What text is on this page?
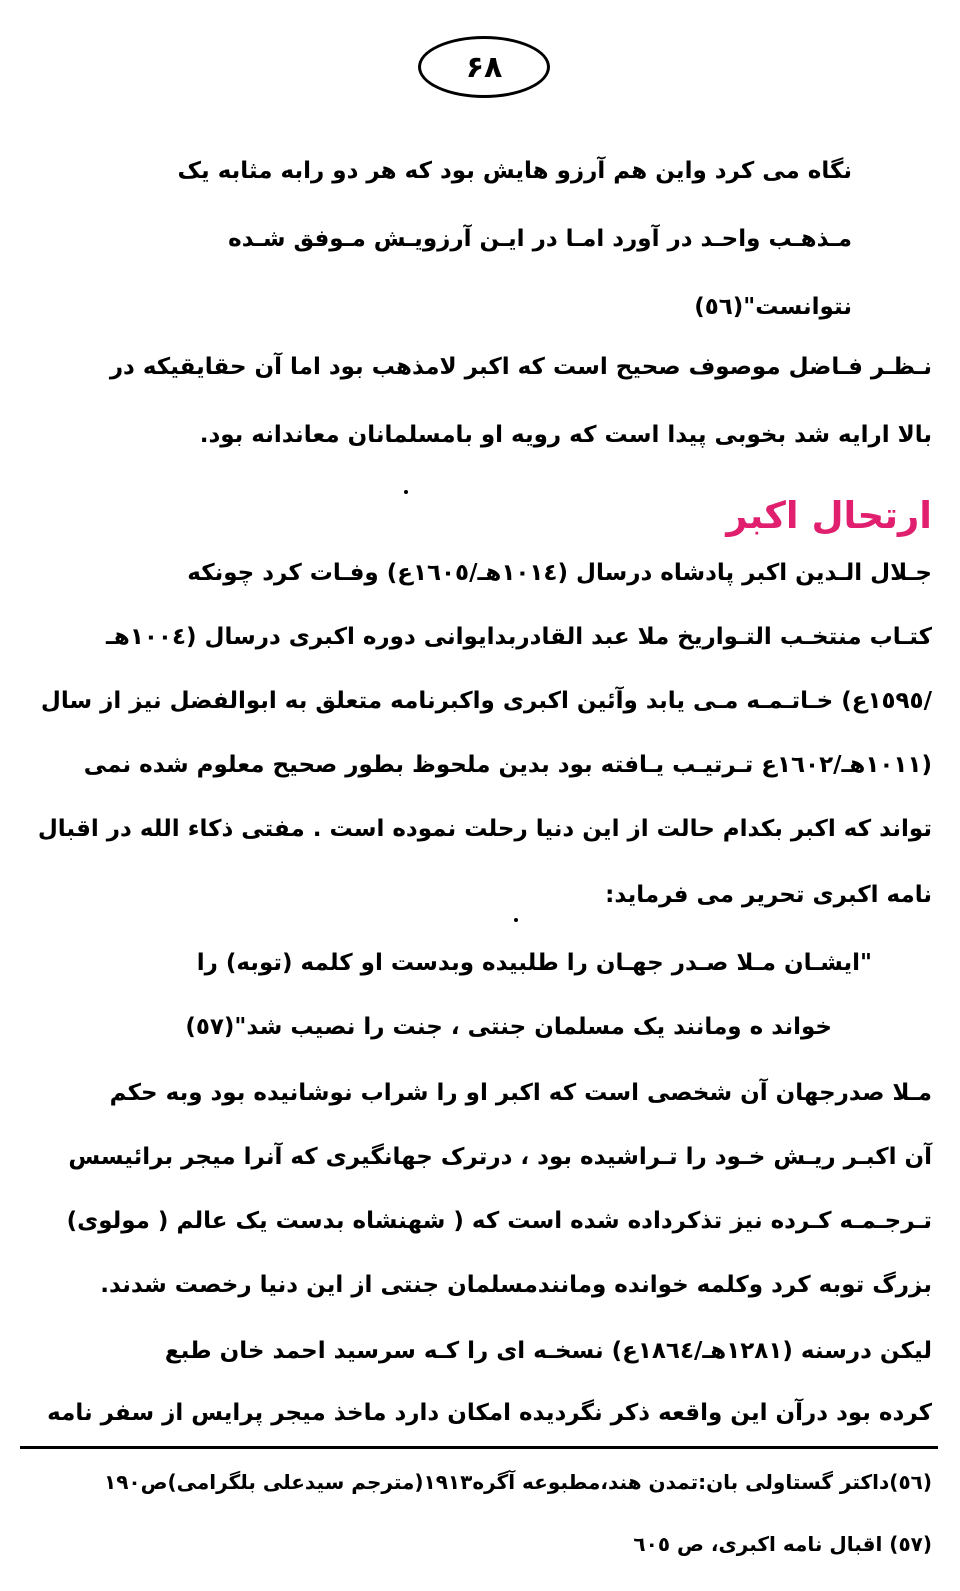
۶۸
نگاه می کرد واین هم آرزو هایش بود که هر دو رابه مثابه یک
مـذهـب واحـد در آورد امـا در ایـن آرزویـش مـوفق شـده
نتوانست"(٥٦)
نـظـر فـاضل موصوف صحیح است که اکبر لامذهب بود اما آن حقایقیکه در
بالا ارایه شد بخوبی پیدا است که رویه او بامسلمانان معاندانه بود.
ارتحال اکبر
جـلال الـدین اکبر پادشاه درسال (١٠١٤هـ/١٦٠٥ع) وفـات کرد چونکه
کتـاب منتخـب التـواریخ ملا عبد القادربدایوانی دوره اکبری درسال (١٠٠٤هـ
/١٥٩٥ع) خـاتـمـه مـی یابد وآئین اکبری واکبرنامه متعلق به ابوالفضل نیز از سال
(١٠١١هـ/١٦٠٢ع تـرتیـب یـافته بود بدین ملحوظ بطور صحیح معلوم شده نمی
تواند که اکبر بکدام حالت از این دنیا رحلت نموده است . مفتی ذکاء الله در اقبال
نامه اکبری تحریر می فرماید:
"ایشـان مـلا صـدر جهـان را طلبیده وبدست او کلمه (توبه) را
خواند ه ومانند یک مسلمان جنتی ، جنت را نصیب شد"(٥٧)
مـلا صدرجهان آن شخصی است که اکبر او را شراب نوشانیده بود وبه حکم
آن اکبـر ریـش خـود را تـراشیده بود ، درترک جهانگیری که آنرا میجر برائیسس
تـرجـمـه کـرده نیز تذکرداده شده است که ( شهنشاه بدست یک عالم ( مولوی)
بزرگ توبه کرد وکلمه خوانده ومانندمسلمان جنتی از این دنیا رخصت شدند.
لیکن درسنه (١٢٨١هـ/١٨٦٤ع) نسخـه ای را کـه سرسید احمد خان طبع
کرده بود درآن این واقعه ذکر نگردیده امکان دارد ماخذ میجر پرایس از سفر نامه
(٥٦)داکتر گستاولی بان:تمدن هند،مطبوعه آگره١٩١٣(مترجم سیدعلی بلگرامی)ص١٩٠
(٥٧) اقبال نامه اکبری، ص ٦٠٥
